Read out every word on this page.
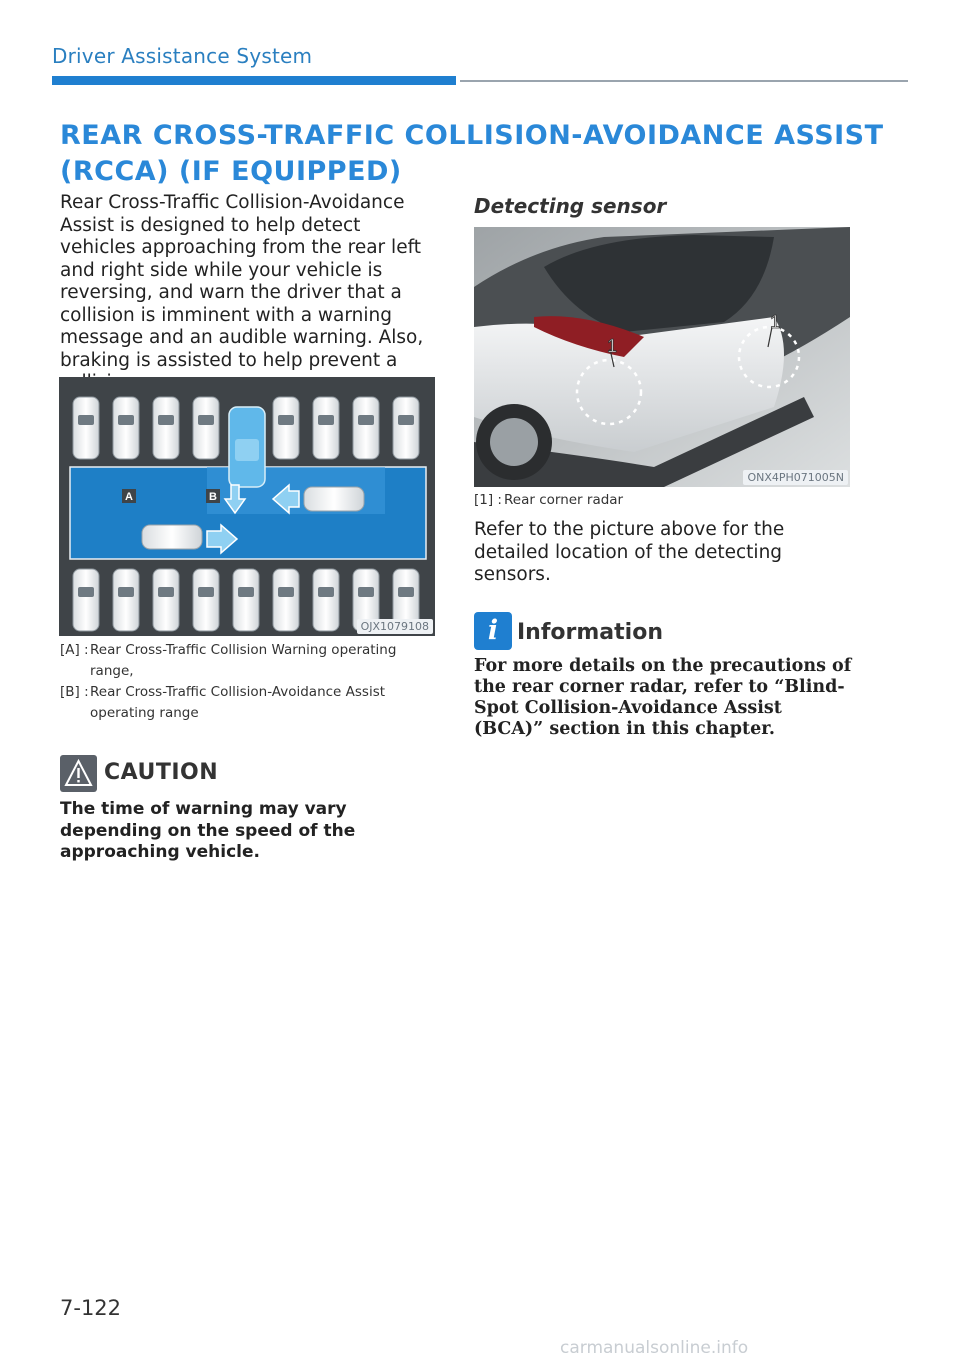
Driver Assistance System
REAR CROSS-TRAFFIC COLLISION-AVOIDANCE ASSIST (RCCA) (IF EQUIPPED)
Rear Cross-Traffic Collision-Avoidance Assist is designed to help detect vehicles approaching from the rear left and right side while your vehicle is reversing, and warn the driver that a collision is imminent with a warning message and an audible warning. Also, braking is assisted to help prevent a
A	B
OJX1079108
[A] : Rear Cross-Traffic Collision Warning operating range,
[B] : Rear Cross-Traffic Collision-Avoidance Assist operating range
CAUTION
The time of warning may vary depending on the speed of the approaching vehicle.
Detecting sensor
1
1
ONX4PH071005N
[1] : Rear corner radar
Refer to the picture above for the detailed location of the detecting sensors.
i Information
For more details on the precautions of the rear corner radar, refer to “Blind-Spot Collision-Avoidance Assist (BCA)” section in this chapter.
7-122
carmanualsonline.info
